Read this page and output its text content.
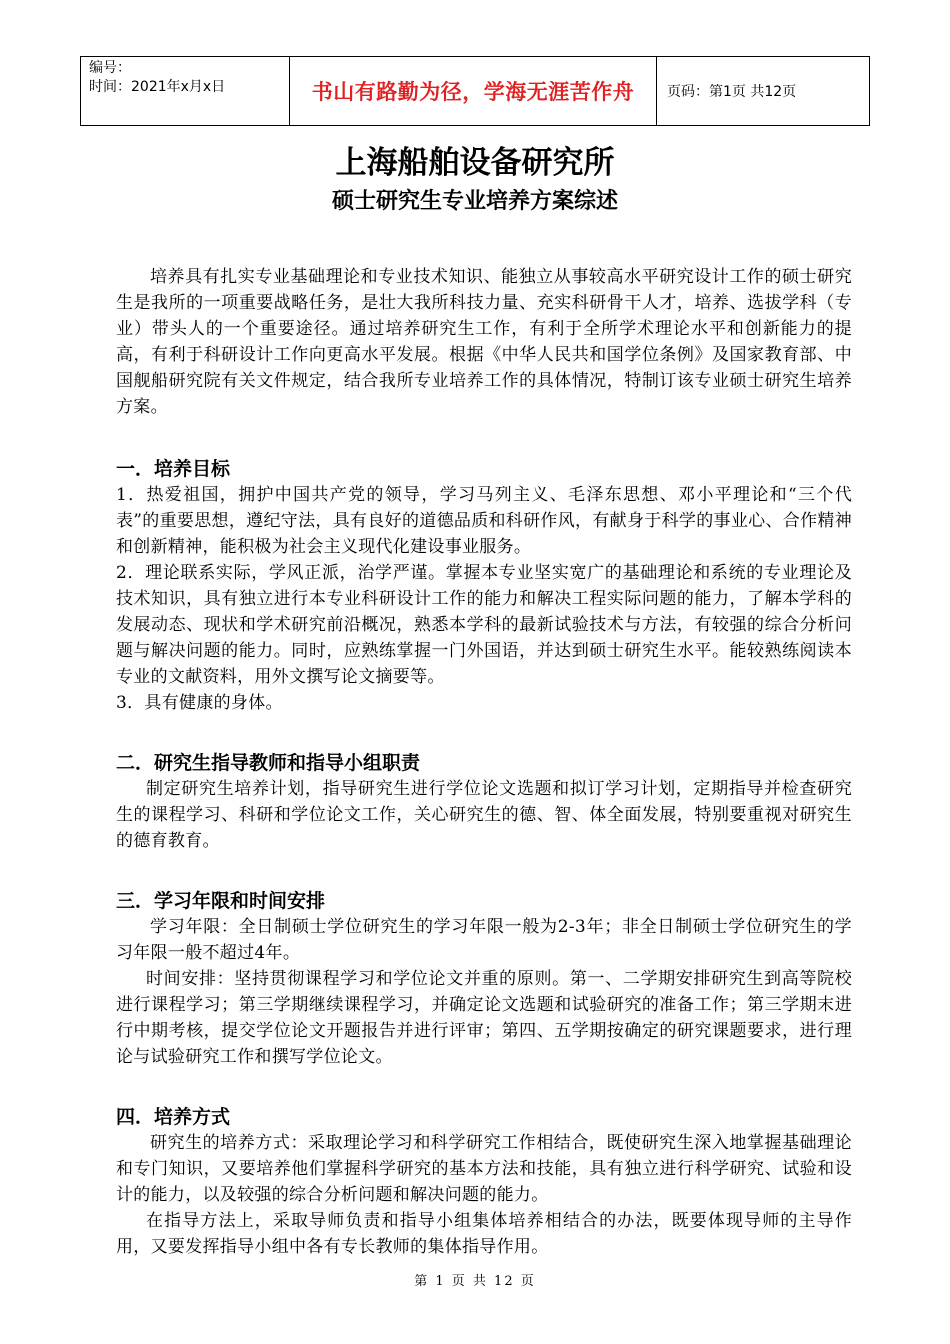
编号：
时间：2021年x月x日	书山有路勤为径，学海无涯苦作舟	页码：第1页 共12页
上海船舶设备研究所
硕士研究生专业培养方案综述

培养具有扎实专业基础理论和专业技术知识、能独立从事较高水平研究设计工作的硕士研究生是我所的一项重要战略任务，是壮大我所科技力量、充实科研骨干人才，培养、选拔学科（专业）带头人的一个重要途径。通过培养研究生工作，有利于全所学术理论水平和创新能力的提高，有利于科研设计工作向更高水平发展。根据《中华人民共和国学位条例》及国家教育部、中国舰船研究院有关文件规定，结合我所专业培养工作的具体情况，特制订该专业硕士研究生培养方案。

一．培养目标

1．热爱祖国，拥护中国共产党的领导，学习马列主义、毛泽东思想、邓小平理论和“三个代表”的重要思想，遵纪守法，具有良好的道德品质和科研作风，有献身于科学的事业心、合作精神和创新精神，能积极为社会主义现代化建设事业服务。

2．理论联系实际，学风正派，治学严谨。掌握本专业坚实宽广的基础理论和系统的专业理论及技术知识，具有独立进行本专业科研设计工作的能力和解决工程实际问题的能力，了解本学科的发展动态、现状和学术研究前沿概况，熟悉本学科的最新试验技术与方法，有较强的综合分析问题与解决问题的能力。同时，应熟练掌握一门外国语，并达到硕士研究生水平。能较熟练阅读本专业的文献资料，用外文撰写论文摘要等。

3．具有健康的身体。

二．研究生指导教师和指导小组职责

制定研究生培养计划，指导研究生进行学位论文选题和拟订学习计划，定期指导并检查研究生的课程学习、科研和学位论文工作，关心研究生的德、智、体全面发展，特别要重视对研究生的德育教育。

三．学习年限和时间安排

学习年限：全日制硕士学位研究生的学习年限一般为2-3年；非全日制硕士学位研究生的学习年限一般不超过4年。

时间安排：坚持贯彻课程学习和学位论文并重的原则。第一、二学期安排研究生到高等院校进行课程学习；第三学期继续课程学习，并确定论文选题和试验研究的准备工作；第三学期末进行中期考核，提交学位论文开题报告并进行评审；第四、五学期按确定的研究课题要求，进行理论与试验研究工作和撰写学位论文。

四．培养方式

研究生的培养方式：采取理论学习和科学研究工作相结合，既使研究生深入地掌握基础理论和专门知识，又要培养他们掌握科学研究的基本方法和技能，具有独立进行科学研究、试验和设计的能力，以及较强的综合分析问题和解决问题的能力。

在指导方法上，采取导师负责和指导小组集体培养相结合的办法，既要体现导师的主导作用，又要发挥指导小组中各有专长教师的集体指导作用。

第 1 页 共 12 页
